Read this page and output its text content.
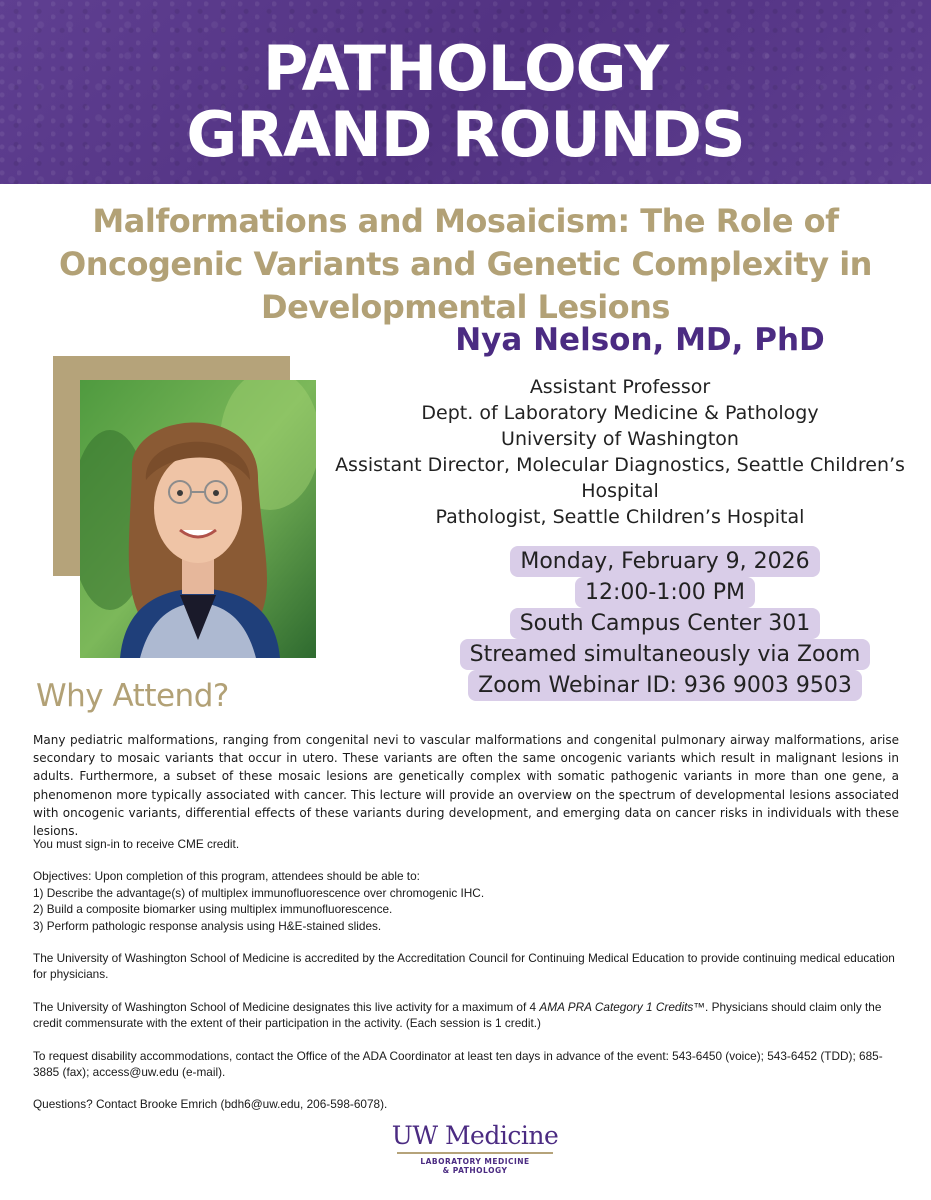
PATHOLOGY
GRAND ROUNDS
Malformations and Mosaicism: The Role of
Oncogenic Variants and Genetic Complexity in
Developmental Lesions
Nya Nelson, MD, PhD
Assistant Professor
Dept. of Laboratory Medicine & Pathology
University of Washington
Assistant Director, Molecular Diagnostics, Seattle Children’s Hospital
Pathologist, Seattle Children’s Hospital
Monday, February 9, 2026
12:00-1:00 PM
South Campus Center 301
Streamed simultaneously via Zoom
Zoom Webinar ID: 936 9003 9503
Why Attend?
Many pediatric malformations, ranging from congenital nevi to vascular malformations and congenital pulmonary airway malformations, arise secondary to mosaic variants that occur in utero. These variants are often the same oncogenic variants which result in malignant lesions in adults. Furthermore, a subset of these mosaic lesions are genetically complex with somatic pathogenic variants in more than one gene, a phenomenon more typically associated with cancer. This lecture will provide an overview on the spectrum of developmental lesions associated with oncogenic variants, differential effects of these variants during development, and emerging data on cancer risks in individuals with these lesions.

You must sign-in to receive CME credit.

Objectives: Upon completion of this program, attendees should be able to:

1) Describe the advantage(s) of multiplex immunofluorescence over chromogenic IHC.

2) Build a composite biomarker using multiplex immunofluorescence.

3) Perform pathologic response analysis using H&E-stained slides.

The University of Washington School of Medicine is accredited by the Accreditation Council for Continuing Medical Education to provide continuing medical education for physicians.

The University of Washington School of Medicine designates this live activity for a maximum of 4 AMA PRA Category 1 Credits™. Physicians should claim only the credit commensurate with the extent of their participation in the activity. (Each session is 1 credit.)

To request disability accommodations, contact the Office of the ADA Coordinator at least ten days in advance of the event: 543-6450 (voice); 543-6452 (TDD); 685-3885 (fax); access@uw.edu (e-mail).

Questions? Contact Brooke Emrich (bdh6@uw.edu, 206-598-6078).

UW Medicine
LABORATORY MEDICINE
& PATHOLOGY
